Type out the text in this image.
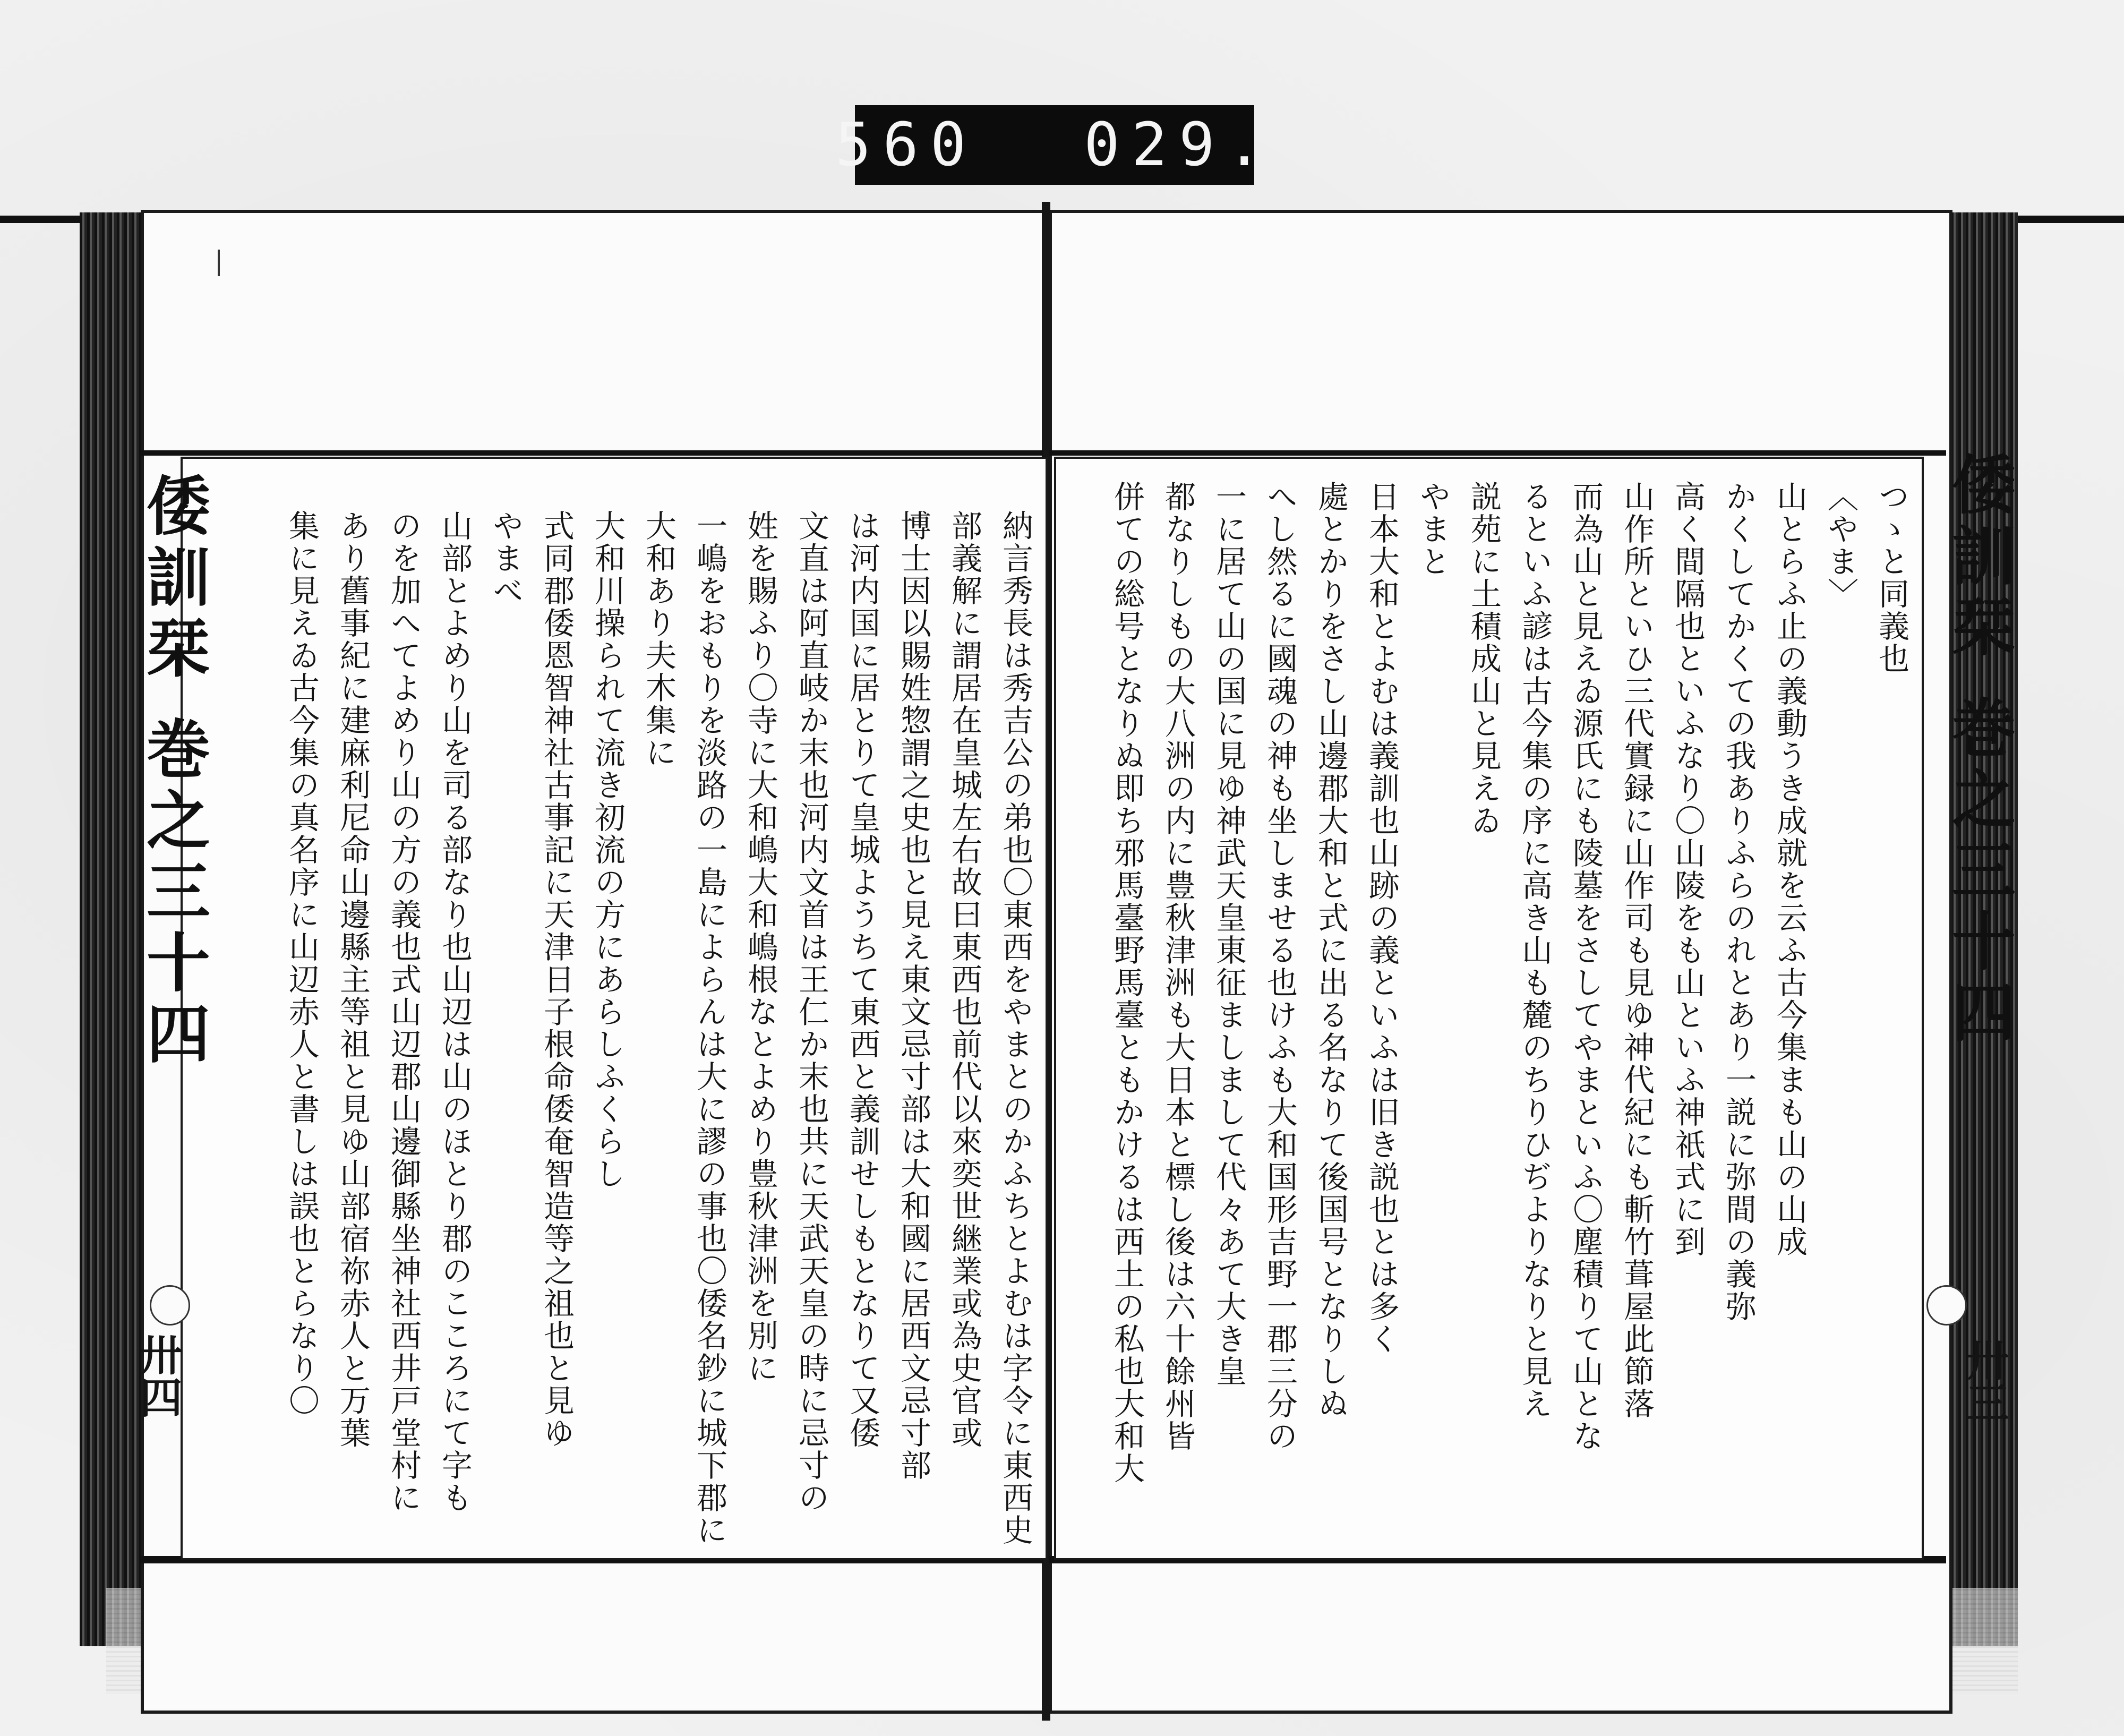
560 029.
倭訓栞 巻之三十四
卅四
倭訓栞 巻之三十四
卅三
納言秀長は秀吉公の弟也〇東西をやまとのかふちとよむは字令に東西史
部義解に謂居在皇城左右故曰東西也前代以來奕世継業或為史官或
博士因以賜姓惣謂之史也と見え東文忌寸部は大和國に居西文忌寸部
は河内国に居とりて皇城ようちて東西と義訓せしもとなりて又倭
文直は阿直岐か末也河内文首は王仁か末也共に天武天皇の時に忌寸の
姓を賜ふり〇寺に大和嶋大和嶋根なとよめり豊秋津洲を別に
一嶋をおもりを淡路の一島によらんは大に謬の事也〇倭名鈔に城下郡に
大和あり夫木集に
大和川操られて流き初流の方にあらしふくらし
式同郡倭恩智神社古事記に天津日子根命倭奄智造等之祖也と見ゆ
やまべ
山部とよめり山を司る部なり也山辺は山のほとり郡のこころにて字も
のを加へてよめり山の方の義也式山辺郡山邊御縣坐神社西井戸堂村に
あり舊事紀に建麻利尼命山邊縣主等祖と見ゆ山部宿祢赤人と万葉
集に見えゐ古今集の真名序に山辺赤人と書しは誤也とらなり〇	つゝと同義也
〈やま〉
山とらふ止の義動うき成就を云ふ古今集まも山の山成
かくしてかくての我ありふらのれとあり一説に弥間の義弥
高く間隔也といふなり〇山陵をも山といふ神祇式に到
山作所といひ三代實録に山作司も見ゆ神代紀にも斬竹葺屋此節落
而為山と見えゐ源氏にも陵墓をさしてやまといふ〇塵積りて山とな
るといふ諺は古今集の序に高き山も麓のちりひぢよりなりと見え
説苑に土積成山と見えゐ
やまと
日本大和とよむは義訓也山跡の義といふは旧き説也とは多く
處とかりをさし山邊郡大和と式に出る名なりて後国号となりしぬ
へし然るに國魂の神も坐しませる也けふも大和国形吉野一郡三分の
一に居て山の国に見ゆ神武天皇東征ましまして代々あて大き皇
都なりしもの大八洲の内に豊秋津洲も大日本と標し後は六十餘州皆
併ての総号となりぬ即ち邪馬臺野馬臺ともかけるは西土の私也大和大
